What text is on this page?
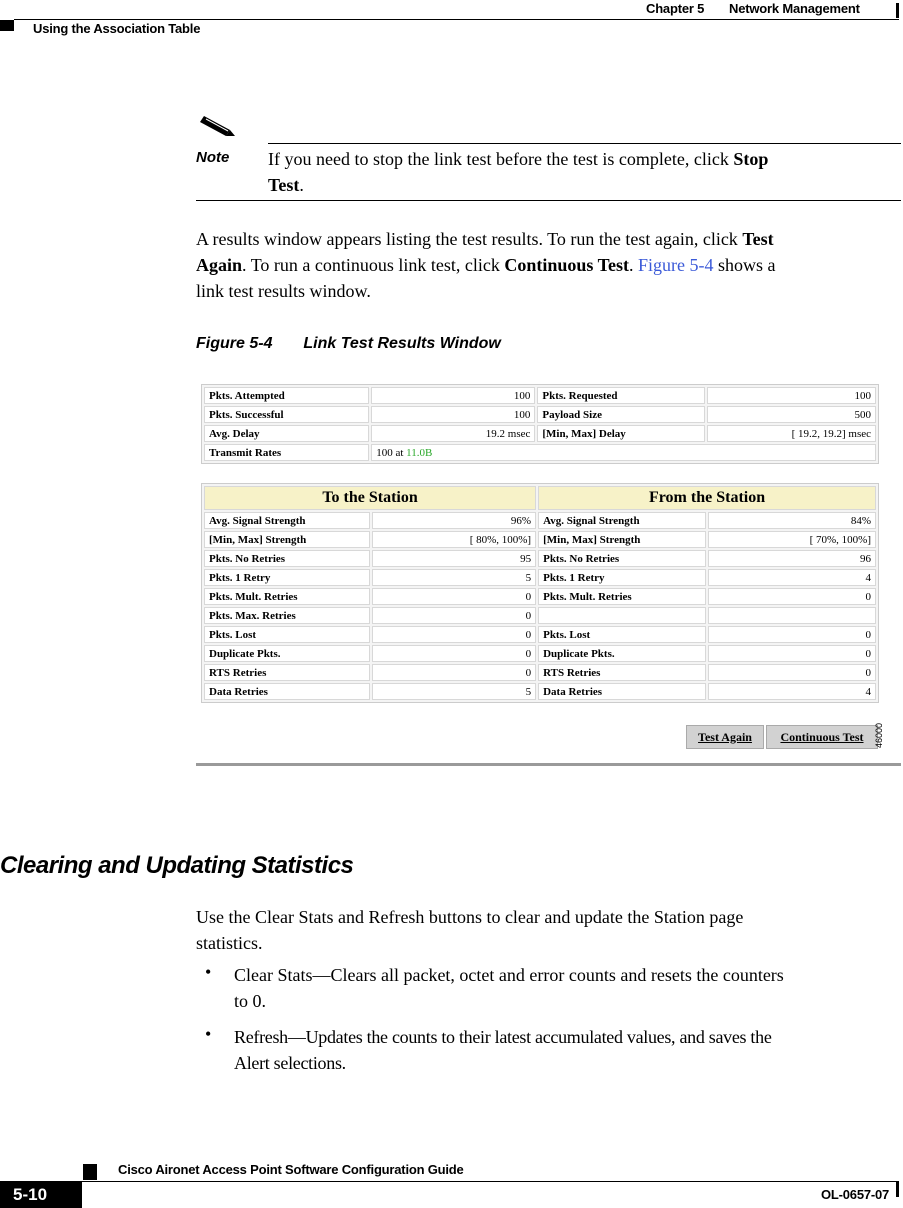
Chapter 5 Network Management
Using the Association Table
Note If you need to stop the link test before the test is complete, click Stop
Test.
A results window appears listing the test results. To run the test again, click Test
Again. To run a continuous link test, click Continuous Test. Figure 5-4 shows a
link test results window.
Figure 5-4 Link Test Results Window
Pkts. Attempted	100	Pkts. Requested	100
Pkts. Successful	100	Payload Size	500
Avg. Delay	19.2 msec	[Min, Max] Delay	[ 19.2, 19.2] msec
Transmit Rates	100 at 11.0B		
To the Station		From the Station	
Avg. Signal Strength	96%	Avg. Signal Strength	84%
[Min, Max] Strength	[ 80%, 100%]	[Min, Max] Strength	[ 70%, 100%]
Pkts. No Retries	95	Pkts. No Retries	96
Pkts. 1 Retry	5	Pkts. 1 Retry	4
Pkts. Mult. Retries	0	Pkts. Mult. Retries	0
Pkts. Max. Retries	0		
Pkts. Lost	0	Pkts. Lost	0
Duplicate Pkts.	0	Duplicate Pkts.	0
RTS Retries	0	RTS Retries	0
Data Retries	5	Data Retries	4
Test Again	Continuous Test	46000
Clearing and Updating Statistics
Use the Clear Stats and Refresh buttons to clear and update the Station page
statistics.
• Clear Stats—Clears all packet, octet and error counts and resets the counters
to 0.
• Refresh—Updates the counts to their latest accumulated values, and saves the
Alert selections.
Cisco Aironet Access Point Software Configuration Guide
5-10	OL-0657-07
